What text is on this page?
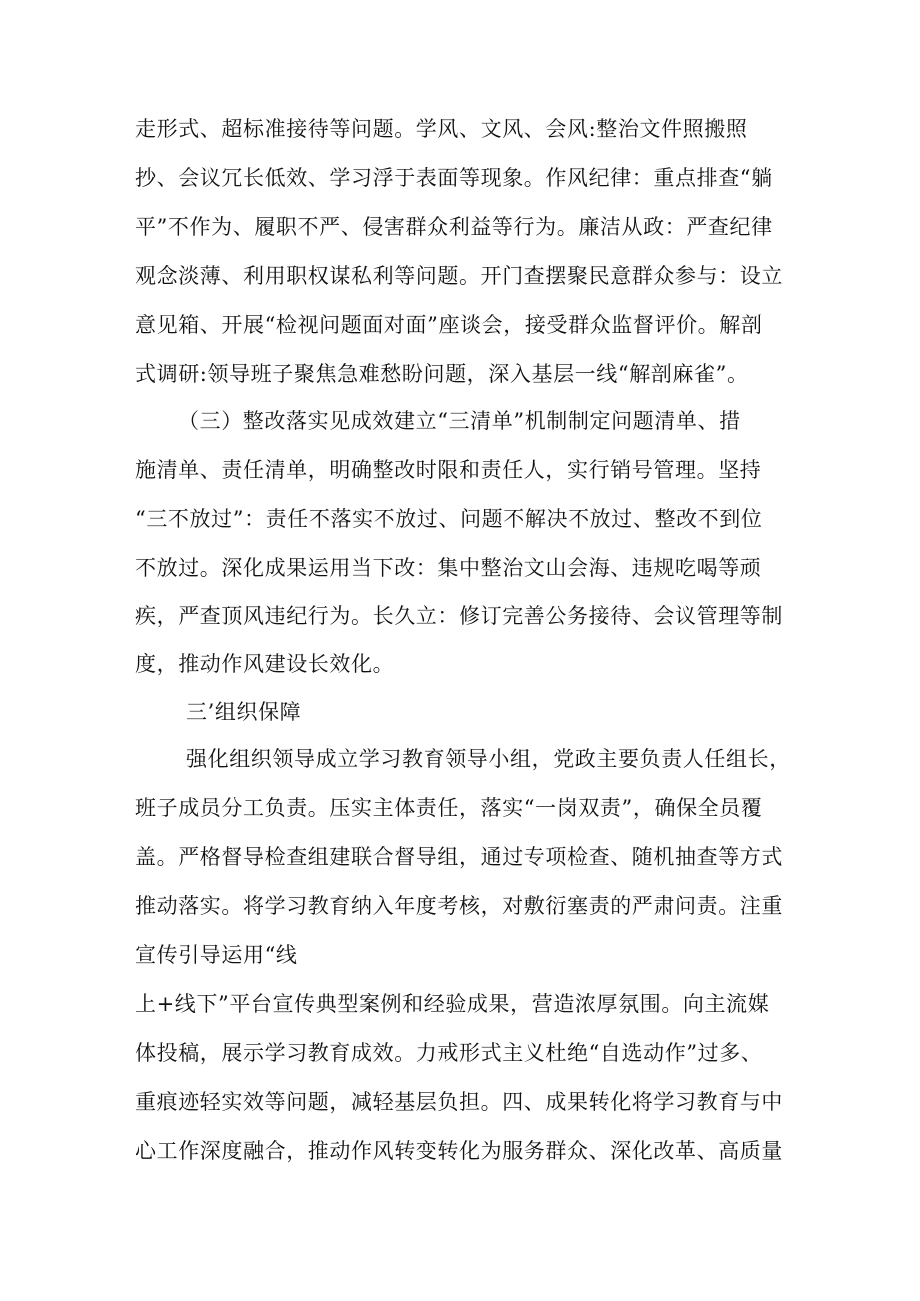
走形式、超标准接待等问题。学风、文风、会风:整治文件照搬照
抄、会议冗长低效、学习浮于表面等现象。作风纪律：重点排查“躺
平”不作为、履职不严、侵害群众利益等行为。廉洁从政：严查纪律
观念淡薄、利用职权谋私利等问题。开门查摆聚民意群众参与：设立
意见箱、开展“检视问题面对面”座谈会，接受群众监督评价。解剖
式调研:领导班子聚焦急难愁盼问题，深入基层一线“解剖麻雀”。
（三）整改落实见成效建立“三清单”机制制定问题清单、措
施清单、责任清单，明确整改时限和责任人，实行销号管理。坚持
“三不放过”：责任不落实不放过、问题不解决不放过、整改不到位
不放过。深化成果运用当下改：集中整治文山会海、违规吃喝等顽
疾，严查顶风违纪行为。长久立：修订完善公务接待、会议管理等制
度，推动作风建设长效化。
三’组织保障
强化组织领导成立学习教育领导小组，党政主要负责人任组长，
班子成员分工负责。压实主体责任，落实“一岗双责”，确保全员覆
盖。严格督导检查组建联合督导组，通过专项检查、随机抽查等方式
推动落实。将学习教育纳入年度考核，对敷衍塞责的严肃问责。注重
宣传引导运用“线
上+线下”平台宣传典型案例和经验成果，营造浓厚氛围。向主流媒
体投稿，展示学习教育成效。力戒形式主义杜绝“自选动作”过多、
重痕迹轻实效等问题，减轻基层负担。四、成果转化将学习教育与中
心工作深度融合，推动作风转变转化为服务群众、深化改革、高质量
